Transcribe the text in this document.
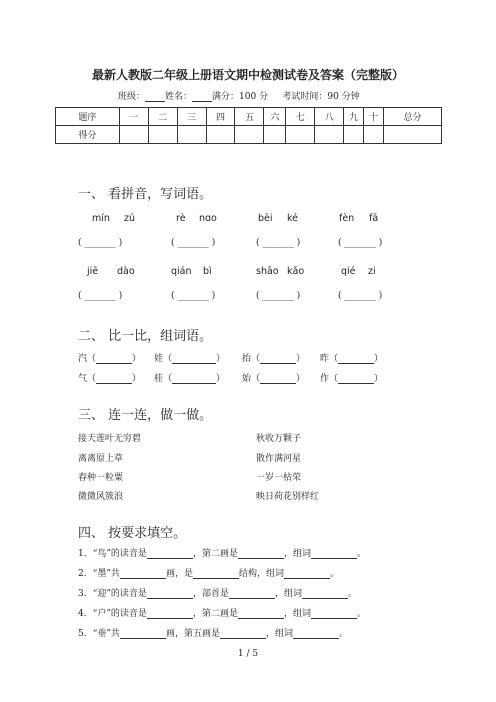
最新人教版二年级上册语文期中检测试卷及答案（完整版）
班级： 姓名： 满分：100 分 考试时间：90 分钟
题序	一	二	三	四	五	六	七	八	九	十	总分
得分											
一、 看拼音，写词语。
mín zú	rè nɑo	bèi ké	fèn fā
( _______ )	( _______ )	( _______ )	( _______ )
jiē dào	qián bì	shāo kǎo	qié zi
( _______ )	( _______ )	( _______ )	( _______ )
二、 比一比，组词语。
汽（	） 娃（	） 抬（	） 昨（	）
气（	） 桂（	） 始（	） 作（	）
三、 连一连，做一做。
接天莲叶无穷碧
离离原上草
春种一粒粟
微微风簇浪
秋收万颗子
散作满河星
一岁一枯荣
映日荷花别样红
四、 按要求填空。
1．“鸟”的读音是	，第二画是	，组词	。
2．“墨”共	画，是	结构，组词	。
3．“迎”的读音是	，部首是	，组词	。
4．“户”的读音是	，第二画是	，组词	。
5．“垂”共	画，第五画是	，组词	。
1 / 5
